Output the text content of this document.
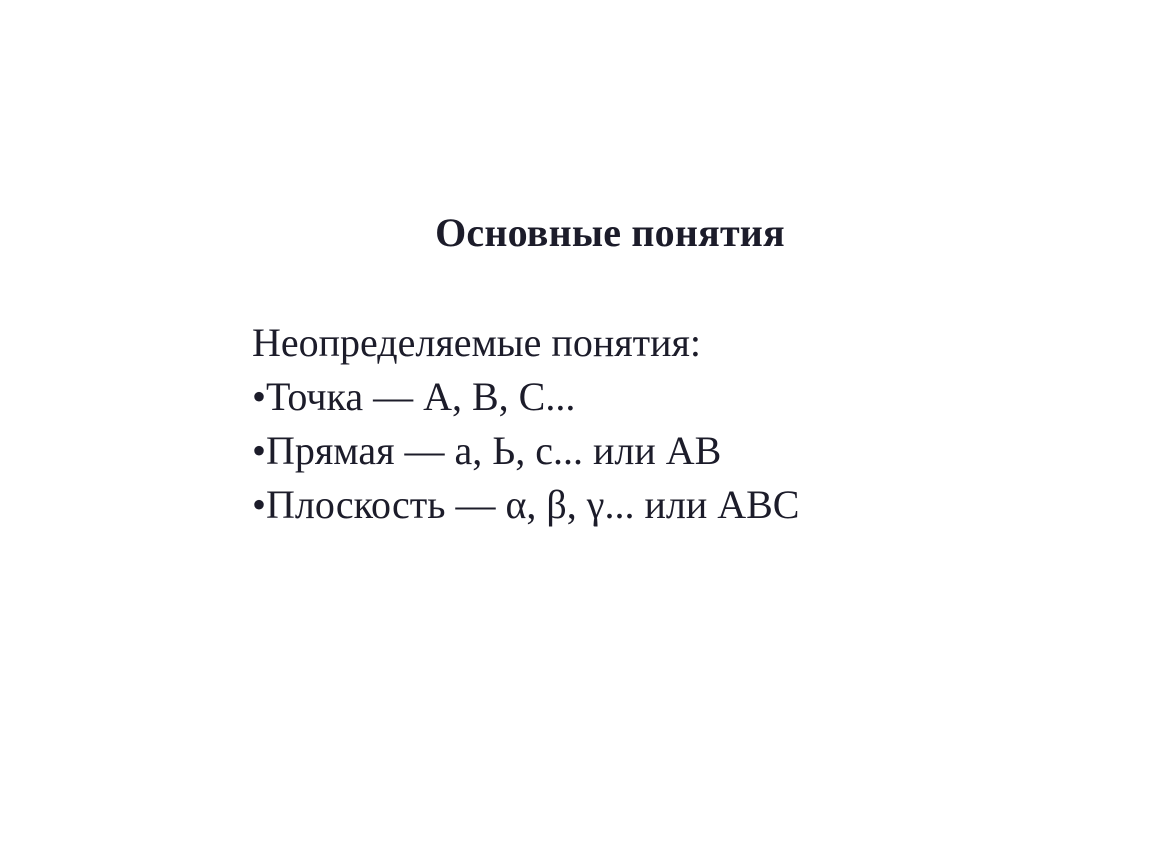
Основные понятия
Неопределяемые понятия:
•Точка — А, В, С...
•Прямая — а, Ь, с... или АВ
•Плоскость — α, β, γ... или АВС
